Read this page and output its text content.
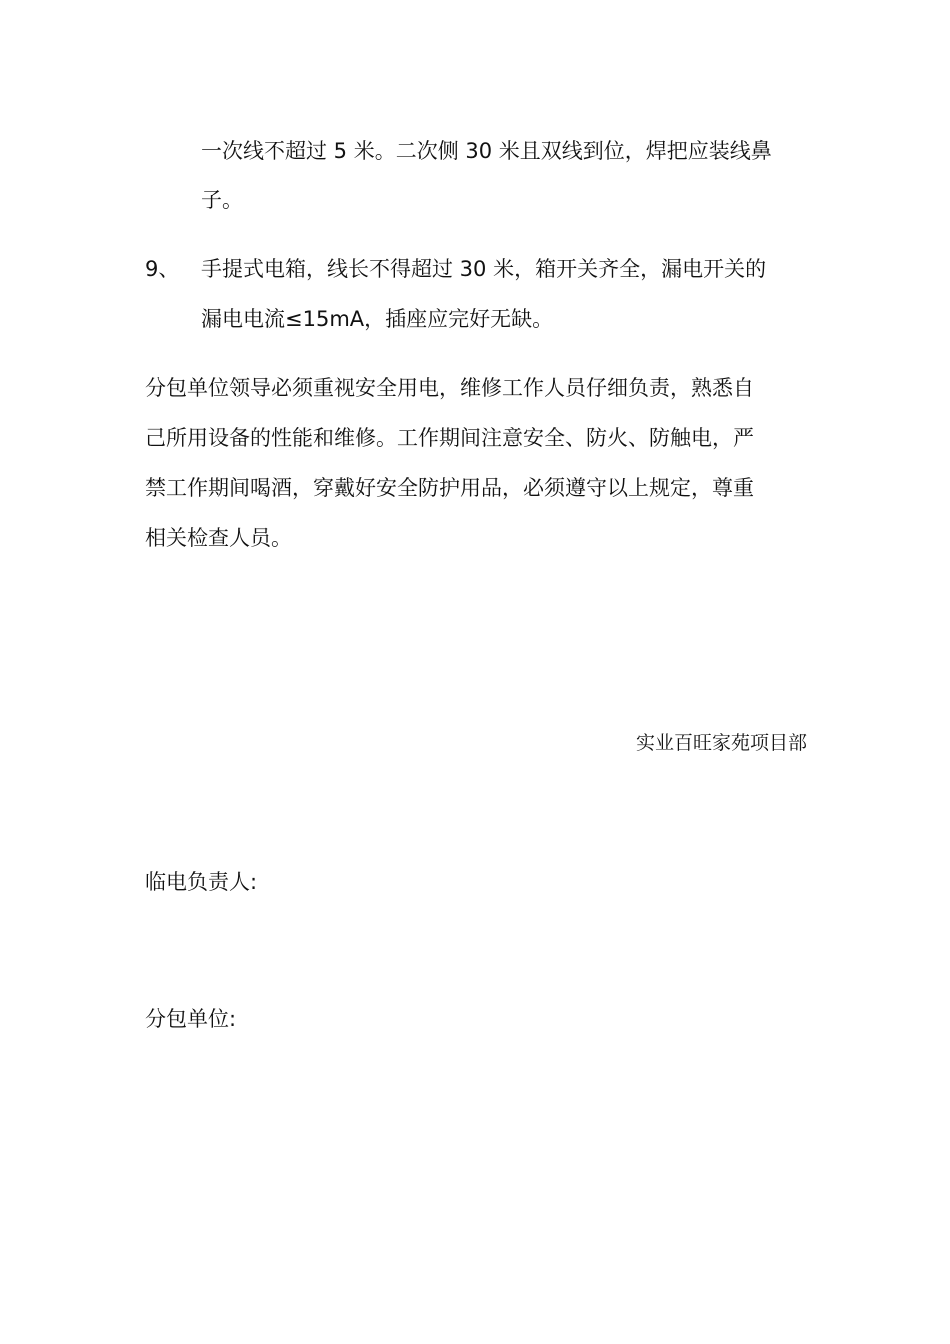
一次线不超过 5 米。二次侧 30 米且双线到位，焊把应装线鼻
子。
9、 手提式电箱，线长不得超过 30 米，箱开关齐全，漏电开关的
漏电电流≤15mA，插座应完好无缺。
分包单位领导必须重视安全用电，维修工作人员仔细负责，熟悉自
己所用设备的性能和维修。工作期间注意安全、防火、防触电，严
禁工作期间喝酒，穿戴好安全防护用品，必须遵守以上规定，尊重
相关检查人员。
实业百旺家苑项目部
临电负责人:
分包单位:
